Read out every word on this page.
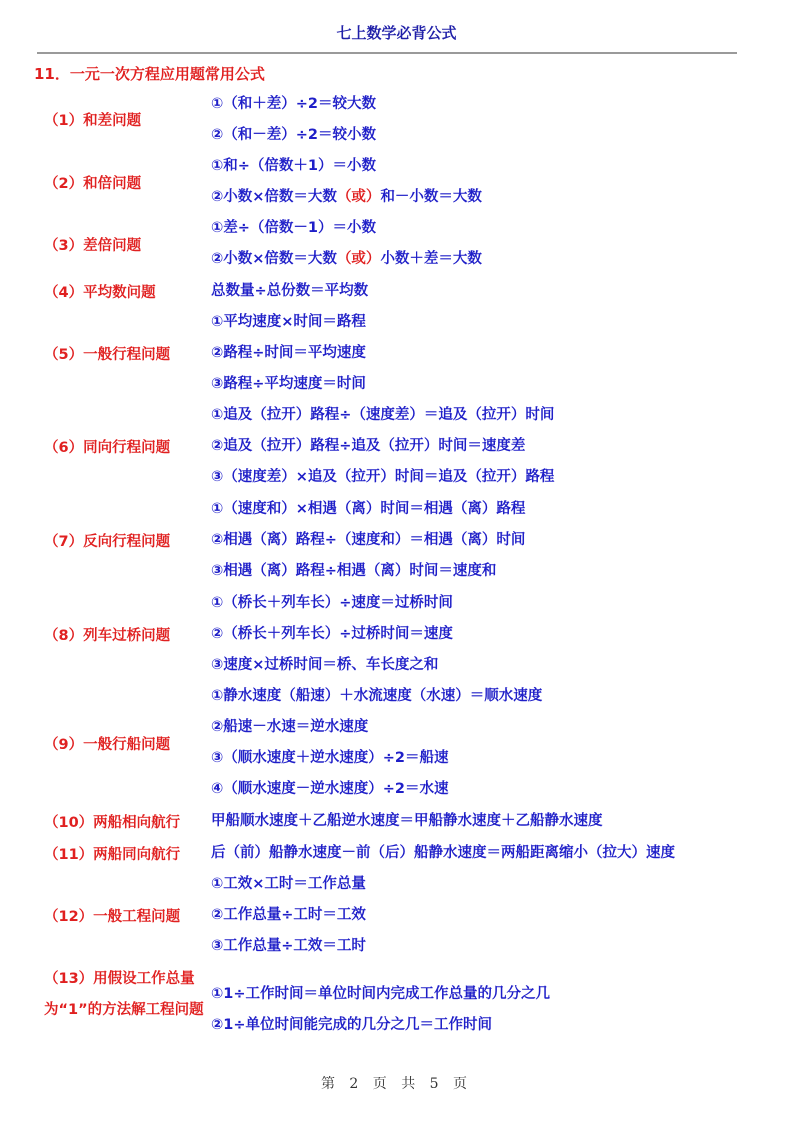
七上数学必背公式
11．一元一次方程应用题常用公式
（1）和差问题
①（和＋差）÷2＝较大数
②（和－差）÷2＝较小数
（2）和倍问题
①和÷（倍数＋1）＝小数
②小数×倍数＝大数（或）和－小数＝大数
（3）差倍问题
①差÷（倍数－1）＝小数
②小数×倍数＝大数（或）小数＋差＝大数
（4）平均数问题	总数量÷总份数＝平均数
（5）一般行程问题
①平均速度×时间＝路程
②路程÷时间＝平均速度
③路程÷平均速度＝时间
（6）同向行程问题
①追及（拉开）路程÷（速度差）＝追及（拉开）时间
②追及（拉开）路程÷追及（拉开）时间＝速度差
③（速度差）×追及（拉开）时间＝追及（拉开）路程
（7）反向行程问题
①（速度和）×相遇（离）时间＝相遇（离）路程
②相遇（离）路程÷（速度和）＝相遇（离）时间
③相遇（离）路程÷相遇（离）时间＝速度和
（8）列车过桥问题
①（桥长＋列车长）÷速度＝过桥时间
②（桥长＋列车长）÷过桥时间＝速度
③速度×过桥时间＝桥、车长度之和
（9）一般行船问题
①静水速度（船速）＋水流速度（水速）＝顺水速度
②船速－水速＝逆水速度
③（顺水速度＋逆水速度）÷2＝船速
④（顺水速度－逆水速度）÷2＝水速
（10）两船相向航行 甲船顺水速度＋乙船逆水速度＝甲船静水速度＋乙船静水速度
（11）两船同向航行 后（前）船静水速度－前（后）船静水速度＝两船距离缩小（拉大）速度
（12）一般工程问题
①工效×工时＝工作总量
②工作总量÷工时＝工效
③工作总量÷工效＝工时
（13）用假设工作总量为“1”的方法解工程问题
①1÷工作时间＝单位时间内完成工作总量的几分之几
②1÷单位时间能完成的几分之几＝工作时间
第 2 页 共 5 页
